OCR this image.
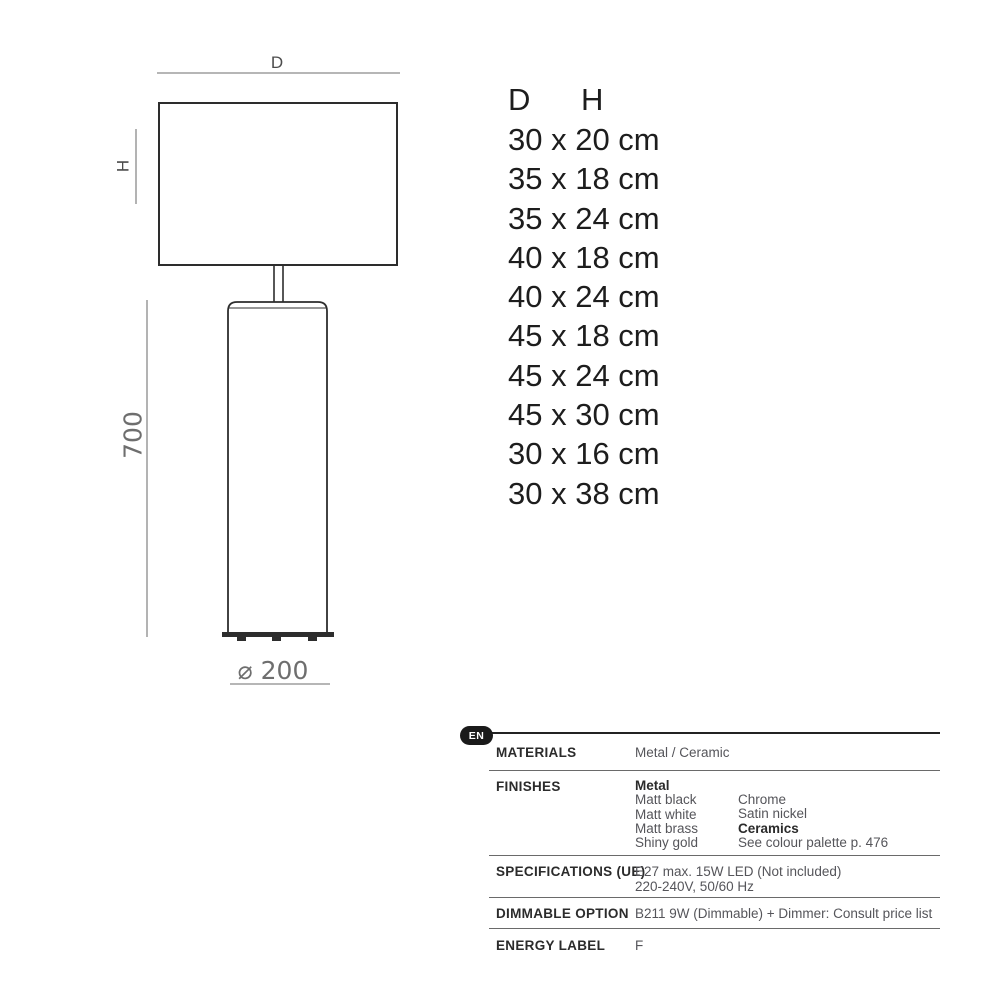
D
H
700
⌀ 200
D H
30 x 20 cm
35 x 18 cm
35 x 24 cm
40 x 18 cm
40 x 24 cm
45 x 18 cm
45 x 24 cm
45 x 30 cm
30 x 16 cm
30 x 38 cm
EN
MATERIALS	Metal / Ceramic
FINISHES	Metal
Matt black
Matt white
Matt brass
Shiny gold
Chrome
Satin nickel
Ceramics
See colour palette p. 476
SPECIFICATIONS (UE)
E27 max. 15W LED (Not included)
220-240V, 50/60 Hz
DIMMABLE OPTION B211 9W (Dimmable) + Dimmer: Consult price list
ENERGY LABEL F
